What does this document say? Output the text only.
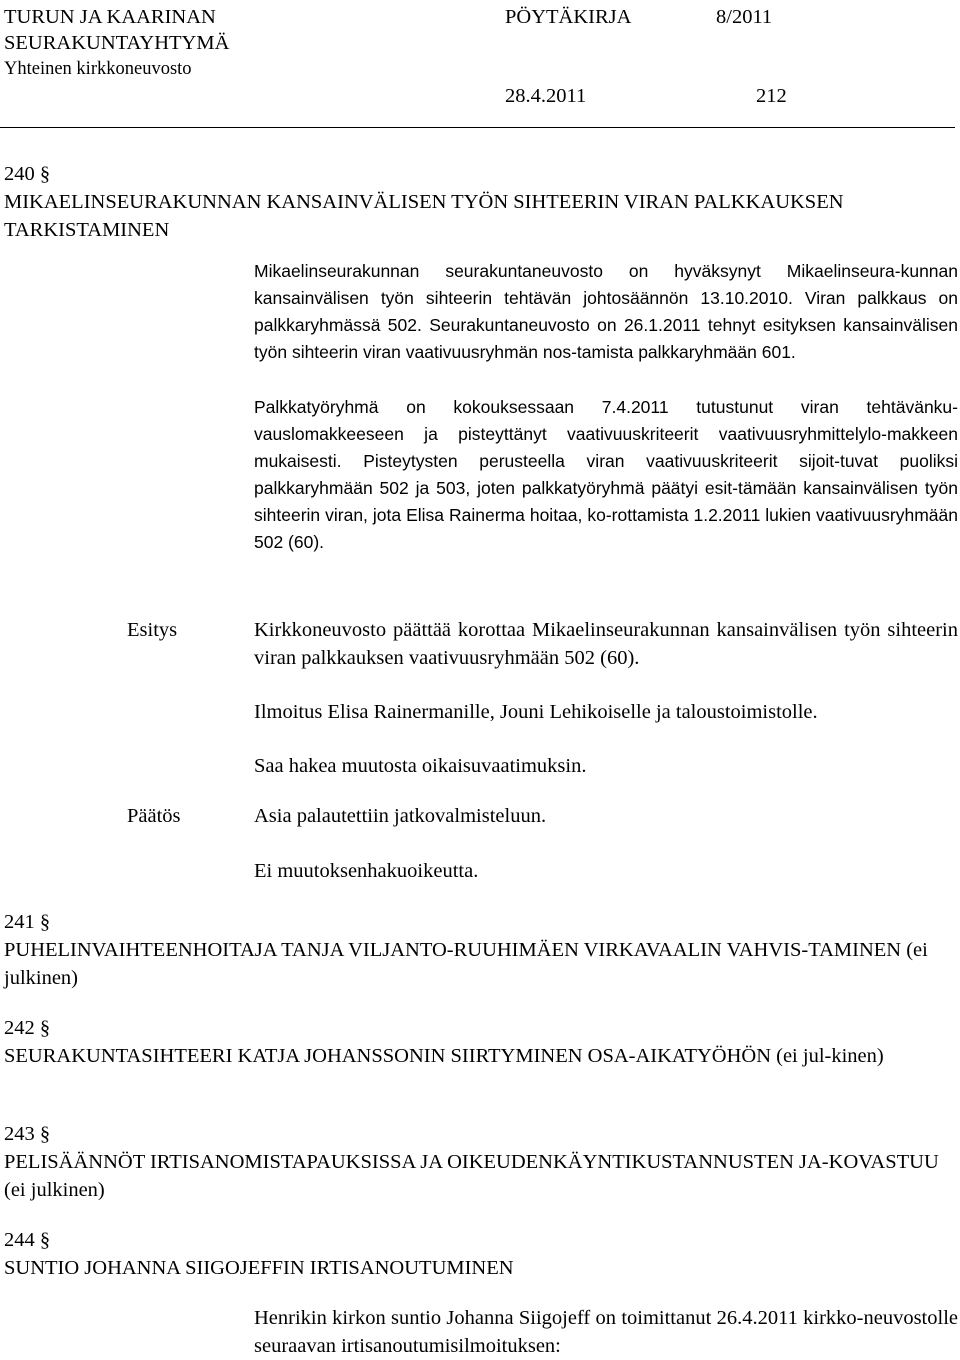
TURUN JA KAARINAN
SEURAKUNTAYHTYMÄ
Yhteinen kirkkoneuvosto
PÖYTÄKIRJA	8/2011
28.4.2011	212
240 §
MIKAELINSEURAKUNNAN KANSAINVÄLISEN TYÖN SIHTEERIN VIRAN PALKKAUKSEN TARKISTAMINEN

Mikaelinseurakunnan seurakuntaneuvosto on hyväksynyt Mikaelinseura-kunnan kansainvälisen työn sihteerin tehtävän johtosäännön 13.10.2010. Viran palkkaus on palkkaryhmässä 502. Seurakuntaneuvosto on 26.1.2011 tehnyt esityksen kansainvälisen työn sihteerin viran vaativuusryhmän nos-tamista palkkaryhmään 601.

Palkkatyöryhmä on kokouksessaan 7.4.2011 tutustunut viran tehtävänku-vauslomakkeeseen ja pisteyttänyt vaativuuskriteerit vaativuusryhmittelylo-makkeen mukaisesti. Pisteytysten perusteella viran vaativuuskriteerit sijoit-tuvat puoliksi palkkaryhmään 502 ja 503, joten palkkatyöryhmä päätyi esit-tämään kansainvälisen työn sihteerin viran, jota Elisa Rainerma hoitaa, ko-rottamista 1.2.2011 lukien vaativuusryhmään 502 (60).

Esitys	Kirkkoneuvosto päättää korottaa Mikaelinseurakunnan kansainvälisen työn sihteerin viran palkkauksen vaativuusryhmään 502 (60).

Ilmoitus Elisa Rainermanille, Jouni Lehikoiselle ja taloustoimistolle.

Saa hakea muutosta oikaisuvaatimuksin.

Päätös	Asia palautettiin jatkovalmisteluun.

Ei muutoksenhakuoikeutta.

241 §
PUHELINVAIHTEENHOITAJA TANJA VILJANTO-RUUHIMÄEN VIRKAVAALIN VAHVIS-TAMINEN (ei julkinen)
242 §
SEURAKUNTASIHTEERI KATJA JOHANSSONIN SIIRTYMINEN OSA-AIKATYÖHÖN (ei jul-kinen)
243 §
PELISÄÄNNÖT IRTISANOMISTAPAUKSISSA JA OIKEUDENKÄYNTIKUSTANNUSTEN JA-KOVASTUU (ei julkinen)
244 §
SUNTIO JOHANNA SIIGOJEFFIN IRTISANOUTUMINEN

Henrikin kirkon suntio Johanna Siigojeff on toimittanut 26.4.2011 kirkko-neuvostolle seuraavan irtisanoutumisilmoituksen:
